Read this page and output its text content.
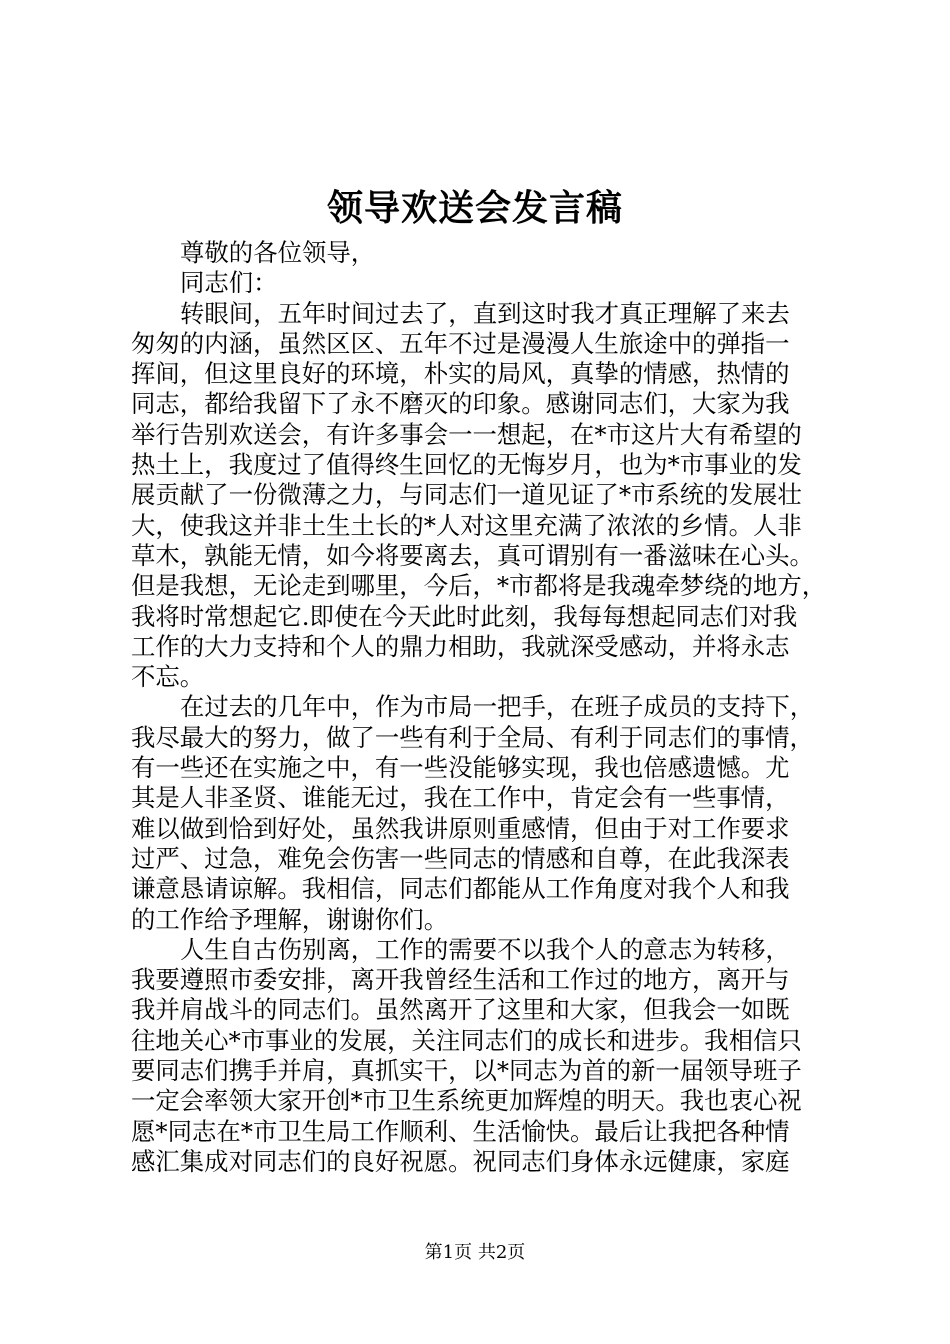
领导欢送会发言稿
尊敬的各位领导，
同志们：
转眼间，五年时间过去了，直到这时我才真正理解了来去
匆匆的内涵，虽然区区、五年不过是漫漫人生旅途中的弹指一
挥间，但这里良好的环境，朴实的局风，真挚的情感，热情的
同志，都给我留下了永不磨灭的印象。感谢同志们，大家为我
举行告别欢送会，有许多事会一一想起，在*市这片大有希望的
热土上，我度过了值得终生回忆的无悔岁月，也为*市事业的发
展贡献了一份微薄之力，与同志们一道见证了*市系统的发展壮
大，使我这并非土生土长的*人对这里充满了浓浓的乡情。人非
草木，孰能无情，如今将要离去，真可谓别有一番滋味在心头。
但是我想，无论走到哪里，今后，*市都将是我魂牵梦绕的地方，
我将时常想起它.即使在今天此时此刻，我每每想起同志们对我
工作的大力支持和个人的鼎力相助，我就深受感动，并将永志
不忘。
在过去的几年中，作为市局一把手，在班子成员的支持下，
我尽最大的努力，做了一些有利于全局、有利于同志们的事情，
有一些还在实施之中，有一些没能够实现，我也倍感遗憾。尤
其是人非圣贤、谁能无过，我在工作中，肯定会有一些事情，
难以做到恰到好处，虽然我讲原则重感情，但由于对工作要求
过严、过急，难免会伤害一些同志的情感和自尊，在此我深表
谦意恳请谅解。我相信，同志们都能从工作角度对我个人和我
的工作给予理解，谢谢你们。
人生自古伤别离，工作的需要不以我个人的意志为转移，
我要遵照市委安排，离开我曾经生活和工作过的地方，离开与
我并肩战斗的同志们。虽然离开了这里和大家，但我会一如既
往地关心*市事业的发展，关注同志们的成长和进步。我相信只
要同志们携手并肩，真抓实干，以*同志为首的新一届领导班子
一定会率领大家开创*市卫生系统更加辉煌的明天。我也衷心祝
愿*同志在*市卫生局工作顺利、生活愉快。最后让我把各种情
感汇集成对同志们的良好祝愿。祝同志们身体永远健康，家庭
第1页 共2页
